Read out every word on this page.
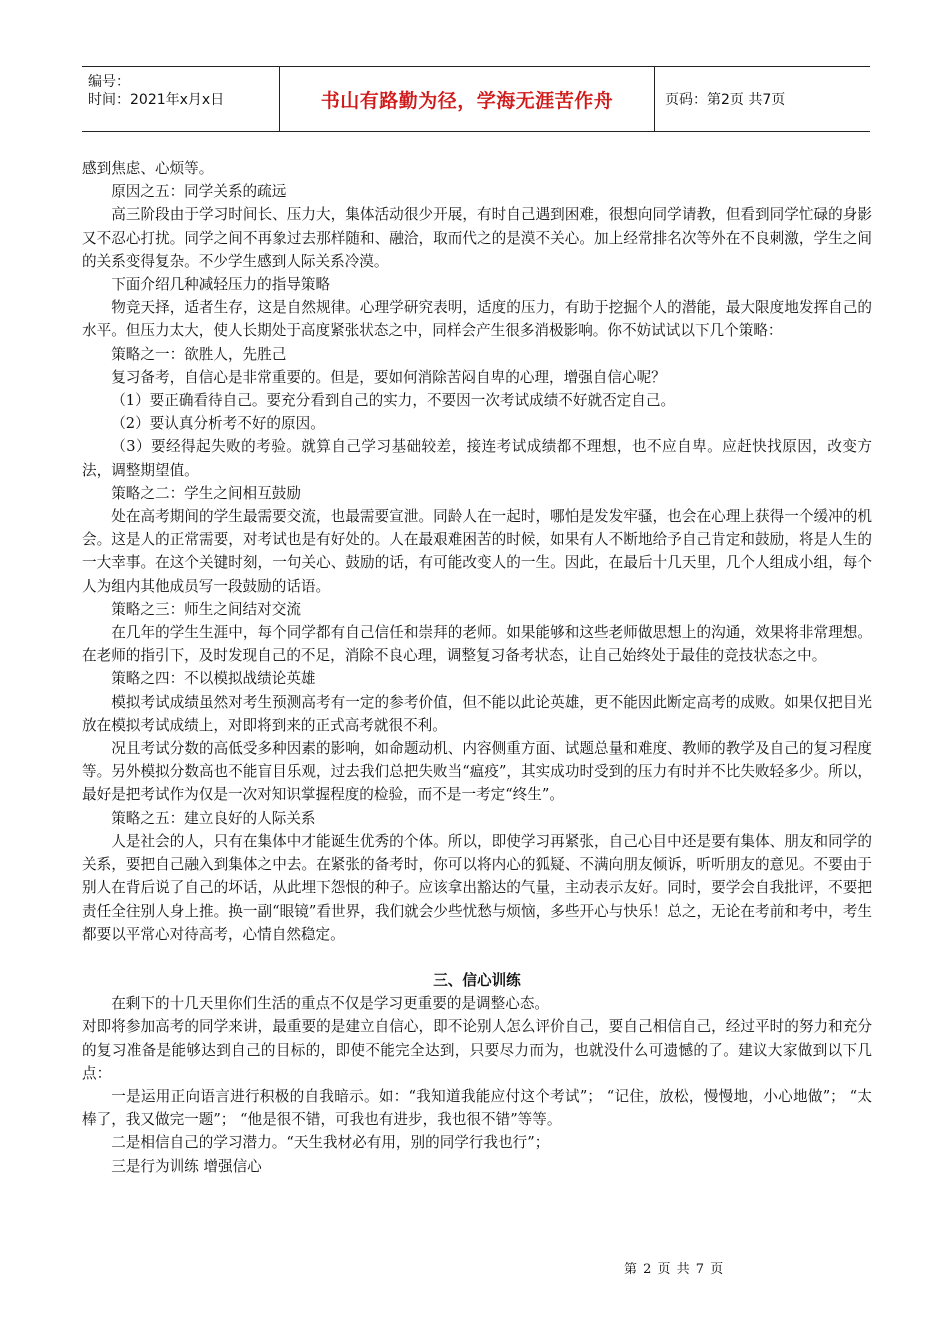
编号：
时间：2021年x月x日	书山有路勤为径，学海无涯苦作舟	页码：第2页 共7页

感到焦虑、心烦等。

原因之五：同学关系的疏远

高三阶段由于学习时间长、压力大，集体活动很少开展，有时自己遇到困难，很想向同学请教，但看到同学忙碌的身影又不忍心打扰。同学之间不再象过去那样随和、融洽，取而代之的是漠不关心。加上经常排名次等外在不良刺激，学生之间的关系变得复杂。不少学生感到人际关系冷漠。

下面介绍几种减轻压力的指导策略

物竞天择，适者生存，这是自然规律。心理学研究表明，适度的压力，有助于挖掘个人的潜能，最大限度地发挥自己的水平。但压力太大，使人长期处于高度紧张状态之中，同样会产生很多消极影响。你不妨试试以下几个策略：

策略之一：欲胜人，先胜己

复习备考，自信心是非常重要的。但是，要如何消除苦闷自卑的心理，增强自信心呢？

（1）要正确看待自己。要充分看到自己的实力，不要因一次考试成绩不好就否定自己。

（2）要认真分析考不好的原因。

（3）要经得起失败的考验。就算自己学习基础较差，接连考试成绩都不理想，也不应自卑。应赶快找原因，改变方法，调整期望值。

策略之二：学生之间相互鼓励

处在高考期间的学生最需要交流，也最需要宣泄。同龄人在一起时，哪怕是发发牢骚，也会在心理上获得一个缓冲的机会。这是人的正常需要，对考试也是有好处的。人在最艰难困苦的时候，如果有人不断地给予自己肯定和鼓励，将是人生的一大幸事。在这个关键时刻，一句关心、鼓励的话，有可能改变人的一生。因此，在最后十几天里，几个人组成小组，每个人为组内其他成员写一段鼓励的话语。

策略之三：师生之间结对交流

在几年的学生生涯中，每个同学都有自己信任和崇拜的老师。如果能够和这些老师做思想上的沟通，效果将非常理想。在老师的指引下，及时发现自己的不足，消除不良心理，调整复习备考状态，让自己始终处于最佳的竞技状态之中。

策略之四：不以模拟战绩论英雄

模拟考试成绩虽然对考生预测高考有一定的参考价值，但不能以此论英雄，更不能因此断定高考的成败。如果仅把目光放在模拟考试成绩上，对即将到来的正式高考就很不利。

况且考试分数的高低受多种因素的影响，如命题动机、内容侧重方面、试题总量和难度、教师的教学及自己的复习程度等。另外模拟分数高也不能盲目乐观，过去我们总把失败当“瘟疫”，其实成功时受到的压力有时并不比失败轻多少。所以，最好是把考试作为仅是一次对知识掌握程度的检验，而不是一考定“终生”。

策略之五：建立良好的人际关系

人是社会的人，只有在集体中才能诞生优秀的个体。所以，即使学习再紧张，自己心目中还是要有集体、朋友和同学的关系，要把自己融入到集体之中去。在紧张的备考时，你可以将内心的狐疑、不满向朋友倾诉，听听朋友的意见。不要由于别人在背后说了自己的坏话，从此埋下怨恨的种子。应该拿出豁达的气量，主动表示友好。同时，要学会自我批评，不要把责任全往别人身上推。换一副“眼镜”看世界，我们就会少些忧愁与烦恼，多些开心与快乐！总之，无论在考前和考中，考生都要以平常心对待高考，心情自然稳定。

三、信心训练

在剩下的十几天里你们生活的重点不仅是学习更重要的是调整心态。

对即将参加高考的同学来讲，最重要的是建立自信心，即不论别人怎么评价自己，要自己相信自己，经过平时的努力和充分的复习准备是能够达到自己的目标的，即使不能完全达到，只要尽力而为，也就没什么可遗憾的了。建议大家做到以下几点：

一是运用正向语言进行积极的自我暗示。如：“我知道我能应付这个考试”； “记住，放松，慢慢地，小心地做”； “太棒了，我又做完一题”； “他是很不错，可我也有进步，我也很不错”等等。

二是相信自己的学习潜力。“天生我材必有用，别的同学行我也行”；

三是行为训练 增强信心

第 2 页 共 7 页
